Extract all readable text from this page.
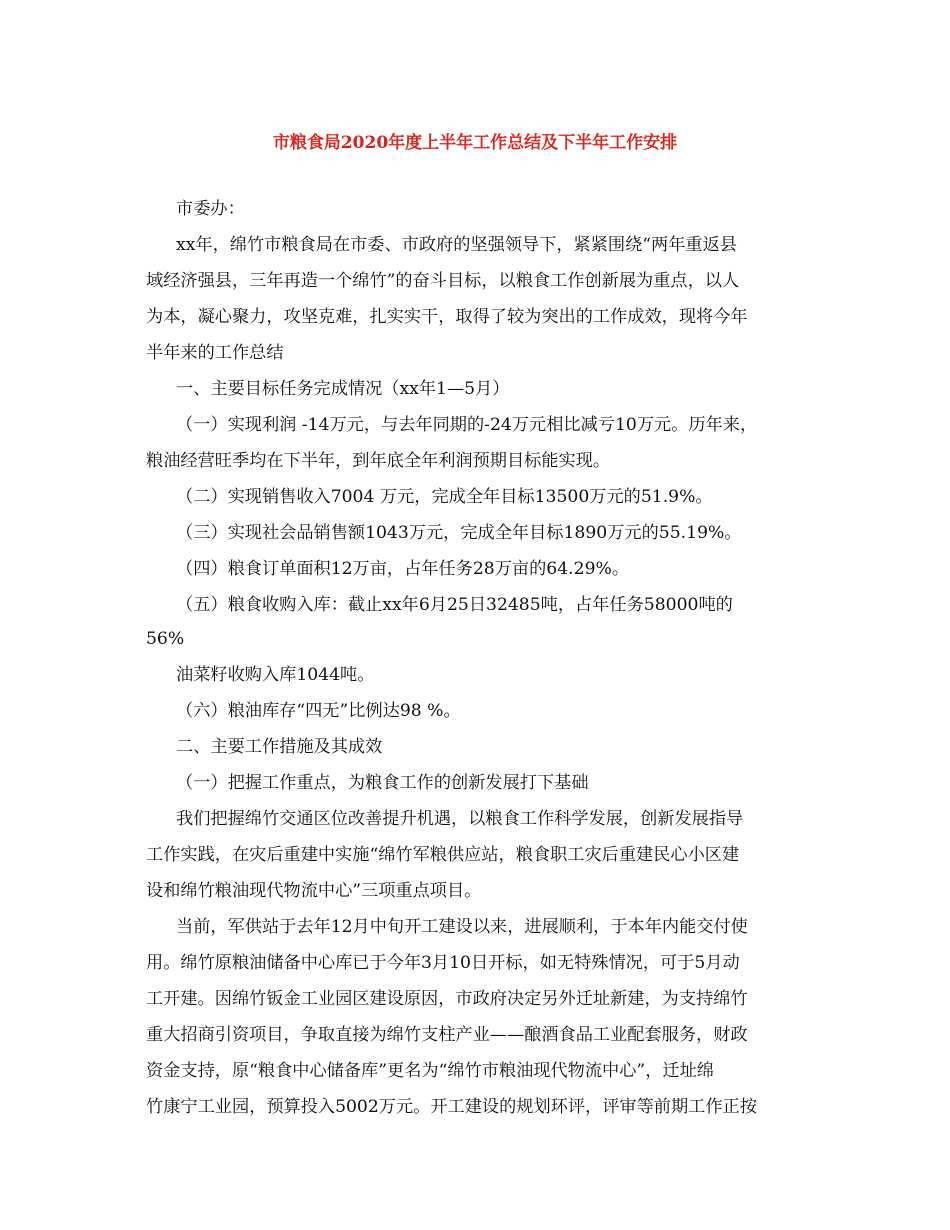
市粮食局2020年度上半年工作总结及下半年工作安排
市委办：
xx年，绵竹市粮食局在市委、市政府的坚强领导下，紧紧围绕“两年重返县
域经济强县，三年再造一个绵竹”的奋斗目标，以粮食工作创新展为重点，以人
为本，凝心聚力，攻坚克难，扎实实干，取得了较为突出的工作成效，现将今年
半年来的工作总结
一、主要目标任务完成情况（xx年1—5月）
（一）实现利润 -14万元，与去年同期的-24万元相比减亏10万元。历年来，
粮油经营旺季均在下半年，到年底全年利润预期目标能实现。
（二）实现销售收入7004 万元，完成全年目标13500万元的51.9%。
（三）实现社会品销售额1043万元，完成全年目标1890万元的55.19%。
（四）粮食订单面积12万亩，占年任务28万亩的64.29%。
（五）粮食收购入库：截止xx年6月25日32485吨，占年任务58000吨的
56%
油菜籽收购入库1044吨。
（六）粮油库存“四无”比例达98 %。
二、主要工作措施及其成效
（一）把握工作重点，为粮食工作的创新发展打下基础
我们把握绵竹交通区位改善提升机遇，以粮食工作科学发展，创新发展指导
工作实践，在灾后重建中实施“绵竹军粮供应站，粮食职工灾后重建民心小区建
设和绵竹粮油现代物流中心”三项重点项目。
当前，军供站于去年12月中旬开工建设以来，进展顺利，于本年内能交付使
用。绵竹原粮油储备中心库已于今年3月10日开标，如无特殊情况，可于5月动
工开建。因绵竹钣金工业园区建设原因，市政府决定另外迁址新建，为支持绵竹
重大招商引资项目，争取直接为绵竹支柱产业——酿酒食品工业配套服务，财政
资金支持，原“粮食中心储备库”更名为“绵竹市粮油现代物流中心”，迁址绵
竹康宁工业园，预算投入5002万元。开工建设的规划环评，评审等前期工作正按
